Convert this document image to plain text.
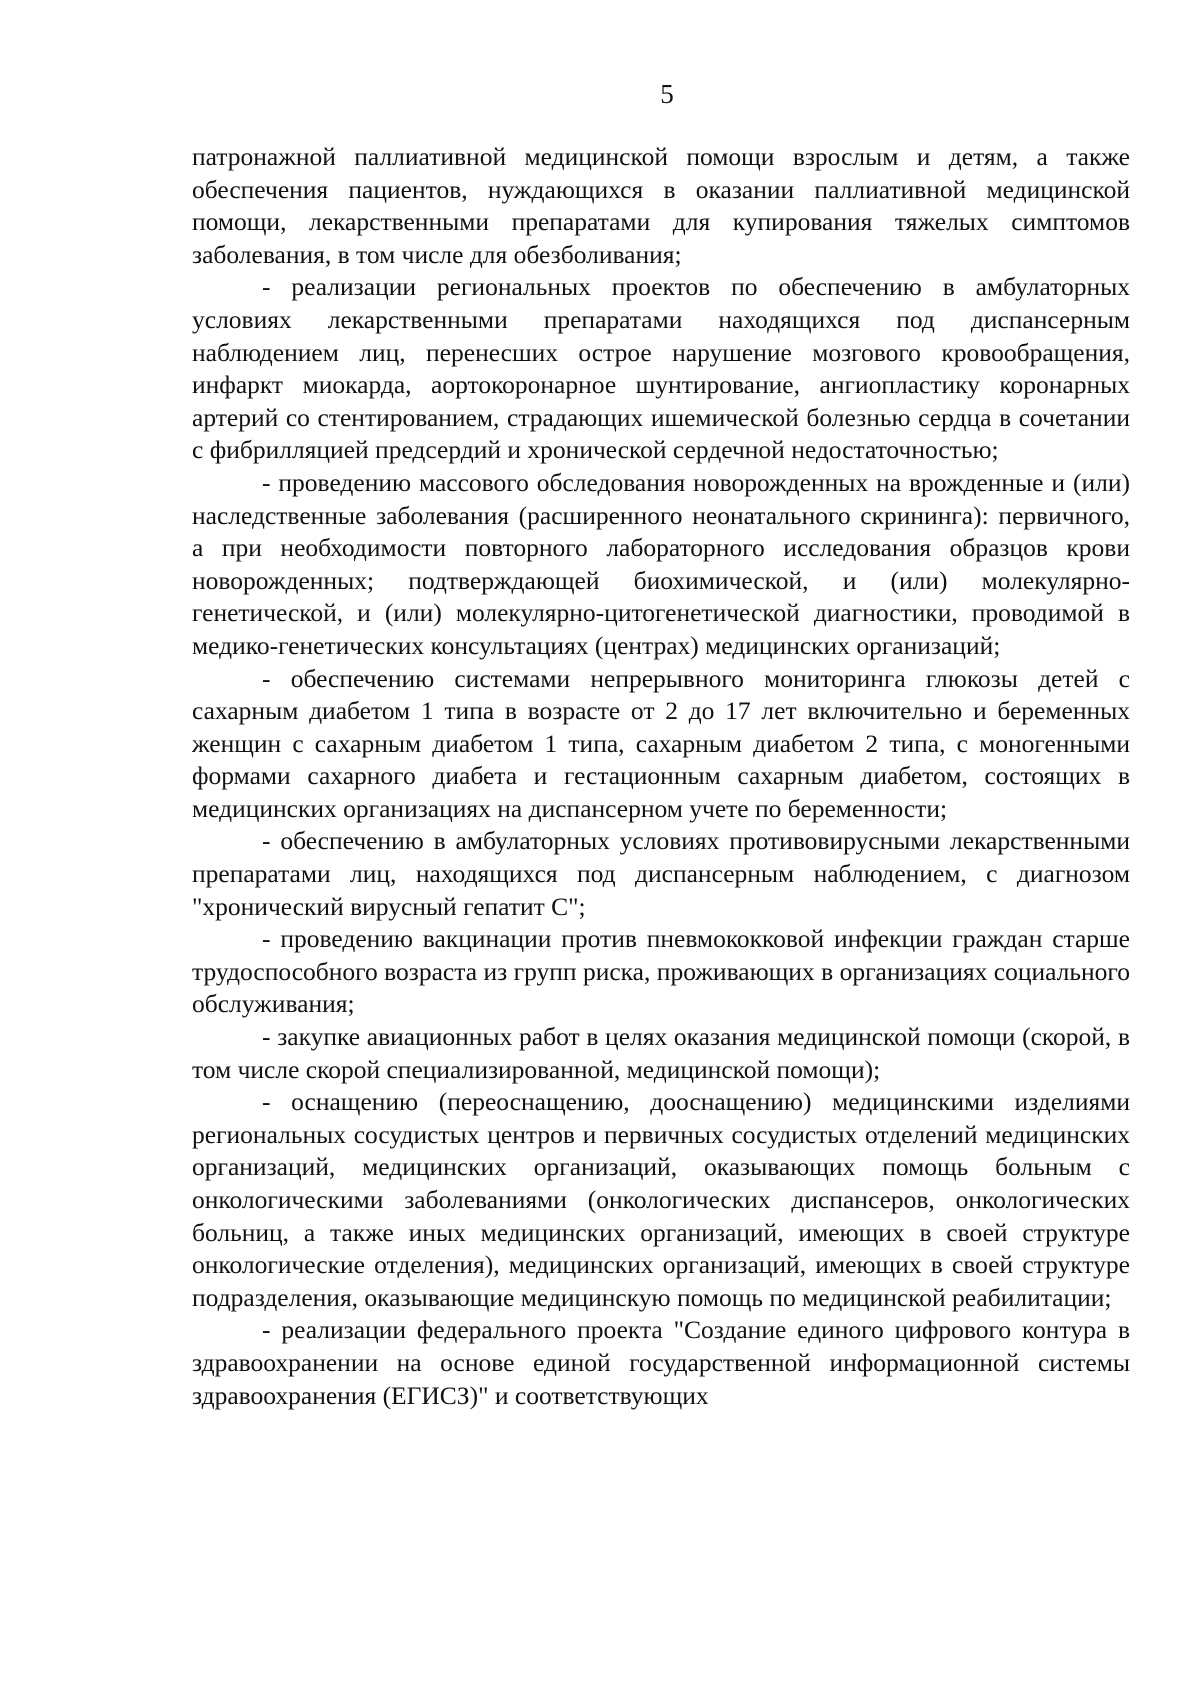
5

патронажной паллиативной медицинской помощи взрослым и детям, а также обеспечения пациентов, нуждающихся в оказании паллиативной медицинской помощи, лекарственными препаратами для купирования тяжелых симптомов заболевания, в том числе для обезболивания;

- реализации региональных проектов по обеспечению в амбулаторных условиях лекарственными препаратами находящихся под диспансерным наблюдением лиц, перенесших острое нарушение мозгового кровообращения, инфаркт миокарда, аортокоронарное шунтирование, ангиопластику коронарных артерий со стентированием, страдающих ишемической болезнью сердца в сочетании с фибрилляцией предсердий и хронической сердечной недостаточностью;

- проведению массового обследования новорожденных на врожденные и (или) наследственные заболевания (расширенного неонатального скрининга): первичного, а при необходимости повторного лабораторного исследования образцов крови новорожденных; подтверждающей биохимической, и (или) молекулярно-генетической, и (или) молекулярно-цитогенетической диагностики, проводимой в медико-генетических консультациях (центрах) медицинских организаций;

- обеспечению системами непрерывного мониторинга глюкозы детей с сахарным диабетом 1 типа в возрасте от 2 до 17 лет включительно и беременных женщин с сахарным диабетом 1 типа, сахарным диабетом 2 типа, с моногенными формами сахарного диабета и гестационным сахарным диабетом, состоящих в медицинских организациях на диспансерном учете по беременности;

- обеспечению в амбулаторных условиях противовирусными лекарственными препаратами лиц, находящихся под диспансерным наблюдением, с диагнозом "хронический вирусный гепатит С";

- проведению вакцинации против пневмококковой инфекции граждан старше трудоспособного возраста из групп риска, проживающих в организациях социального обслуживания;

- закупке авиационных работ в целях оказания медицинской помощи (скорой, в том числе скорой специализированной, медицинской помощи);

- оснащению (переоснащению, дооснащению) медицинскими изделиями региональных сосудистых центров и первичных сосудистых отделений медицинских организаций, медицинских организаций, оказывающих помощь больным с онкологическими заболеваниями (онкологических диспансеров, онкологических больниц, а также иных медицинских организаций, имеющих в своей структуре онкологические отделения), медицинских организаций, имеющих в своей структуре подразделения, оказывающие медицинскую помощь по медицинской реабилитации;

- реализации федерального проекта "Создание единого цифрового контура в здравоохранении на основе единой государственной информационной системы здравоохранения (ЕГИСЗ)" и соответствующих
